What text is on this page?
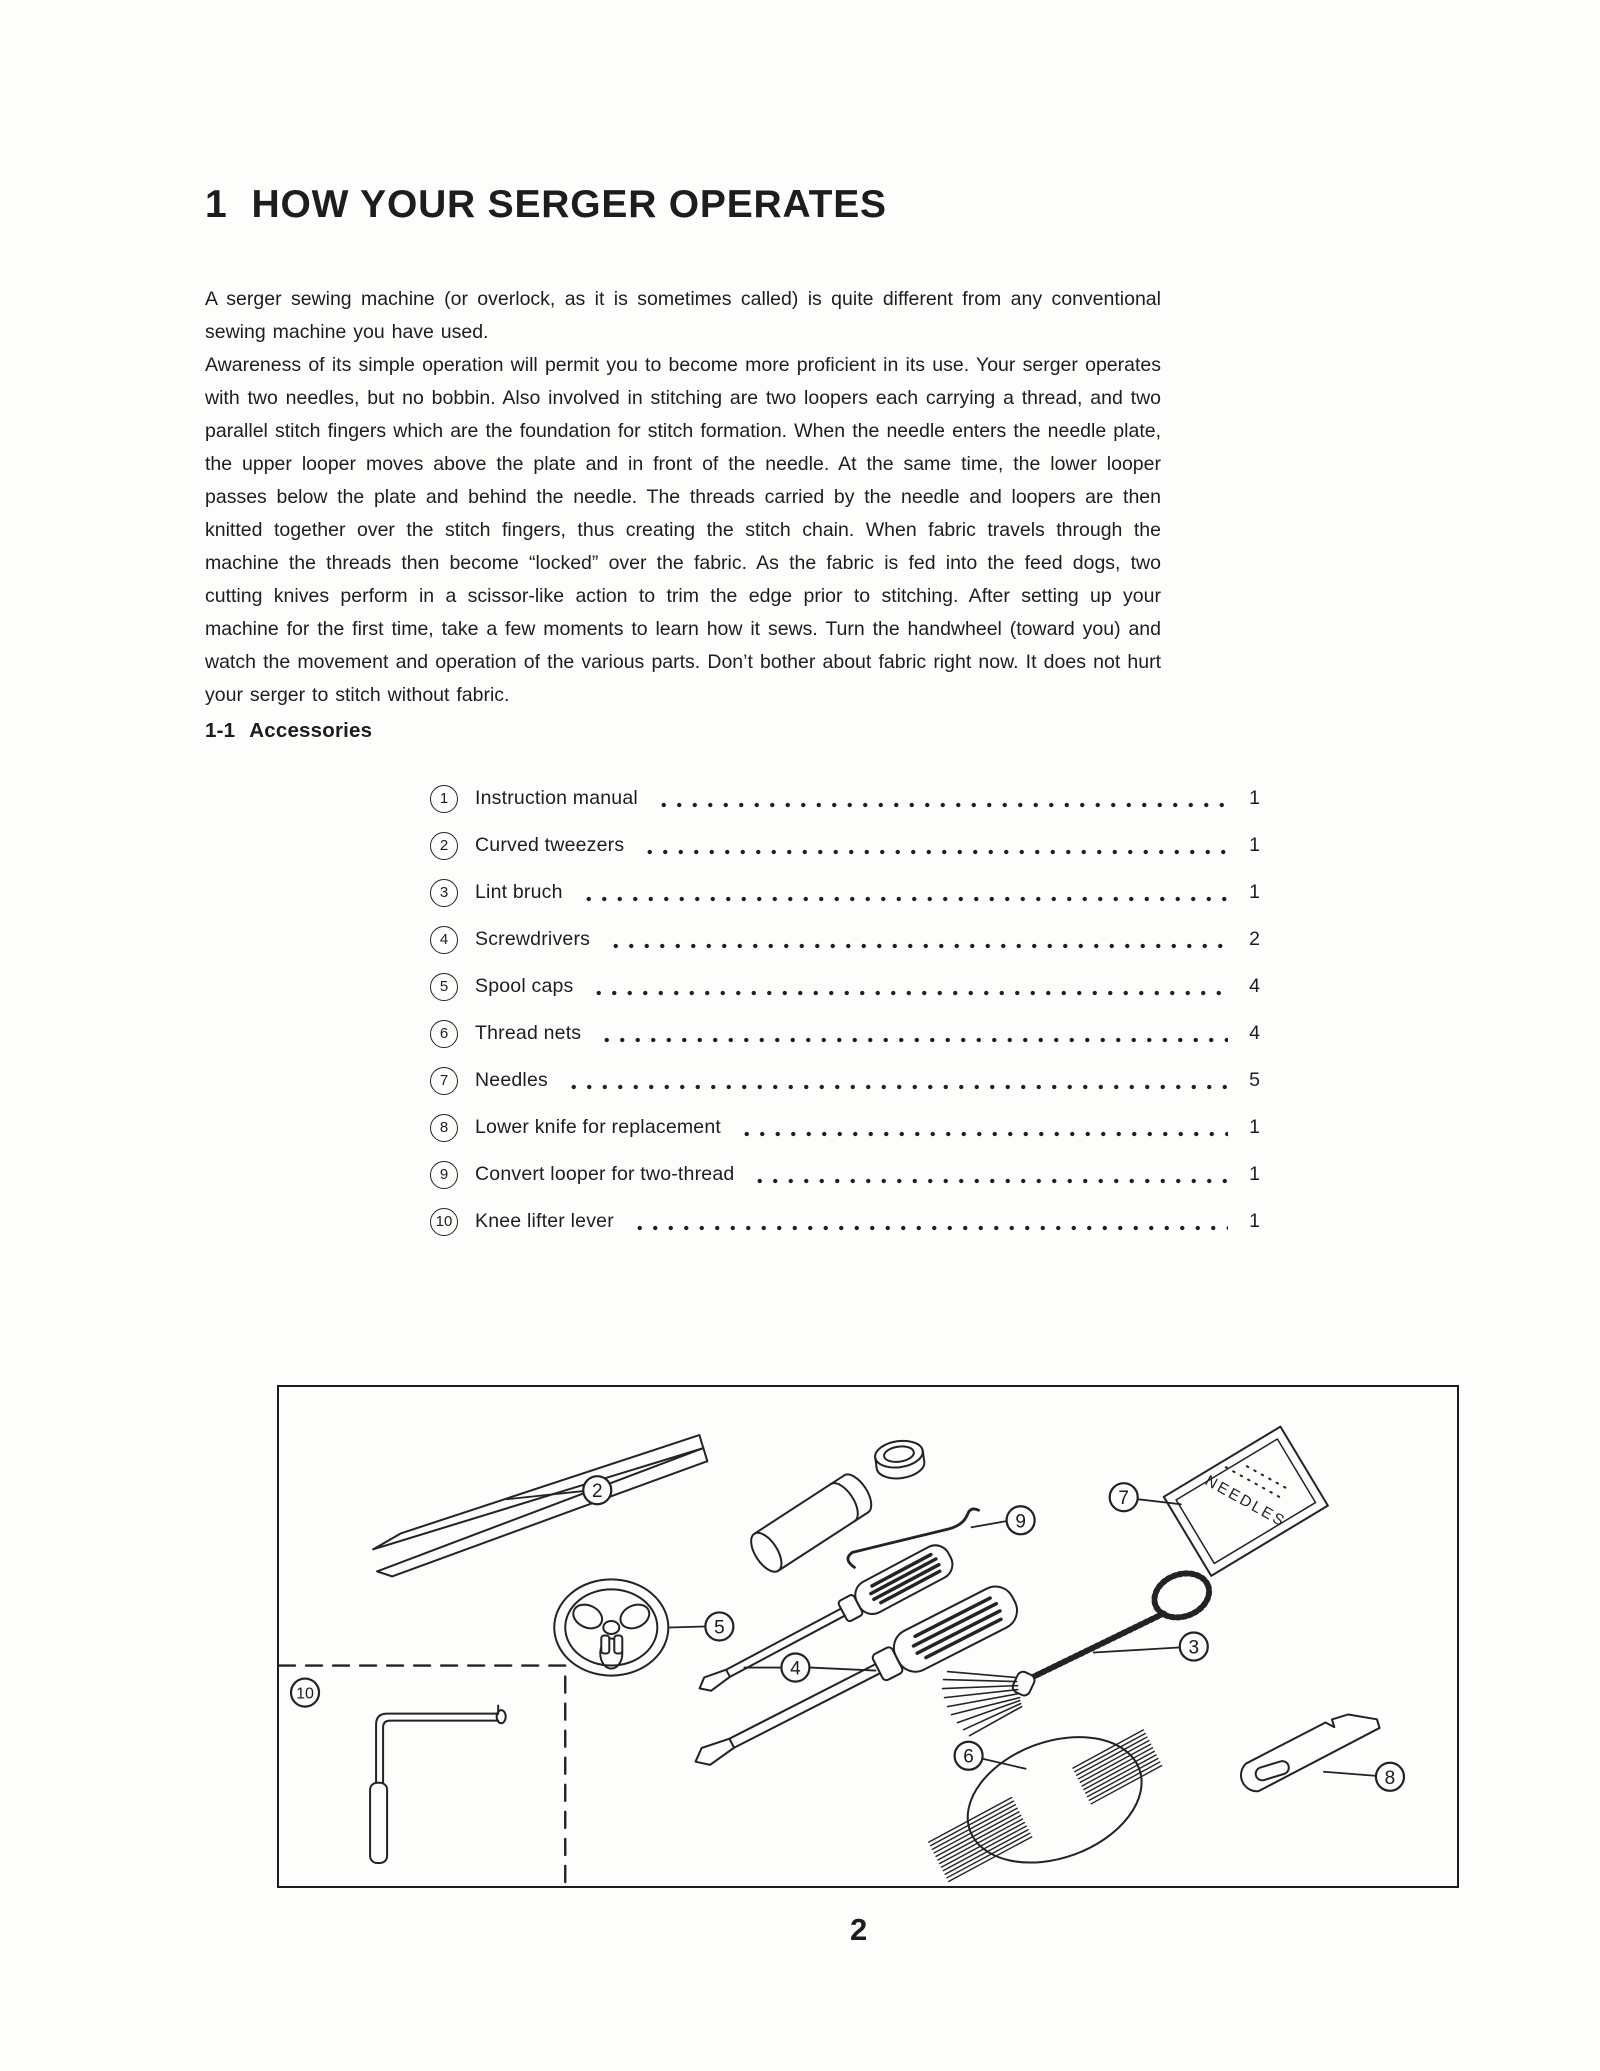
1 HOW YOUR SERGER OPERATES

A serger sewing machine (or overlock, as it is sometimes called) is quite different from any conventional sewing machine you have used.

Awareness of its simple operation will permit you to become more proficient in its use. Your serger operates with two needles, but no bobbin. Also involved in stitching are two loopers each carrying a thread, and two parallel stitch fingers which are the foundation for stitch formation. When the needle enters the needle plate, the upper looper moves above the plate and in front of the needle. At the same time, the lower looper passes below the plate and behind the needle. The threads carried by the needle and loopers are then knitted together over the stitch fingers, thus creating the stitch chain. When fabric travels through the machine the threads then become “locked” over the fabric. As the fabric is fed into the feed dogs, two cutting knives perform in a scissor-like action to trim the edge prior to stitching. After setting up your machine for the first time, take a few moments to learn how it sews. Turn the handwheel (toward you) and watch the movement and operation of the various parts. Don’t bother about fabric right now. It does not hurt your serger to stitch without fabric.

1-1 Accessories
1	Instruction manual	1
2	Curved tweezers	1
3	Lint bruch	1
4	Screwdrivers	2
5	Spool caps	4
6	Thread nets	4
7	Needles	5
8	Lower knife for replacement	1
9	Convert looper for two-thread	1
10 Knee lifter lever	1
NEEDLES
2
9
7
5
4
3
6
8
10
2
